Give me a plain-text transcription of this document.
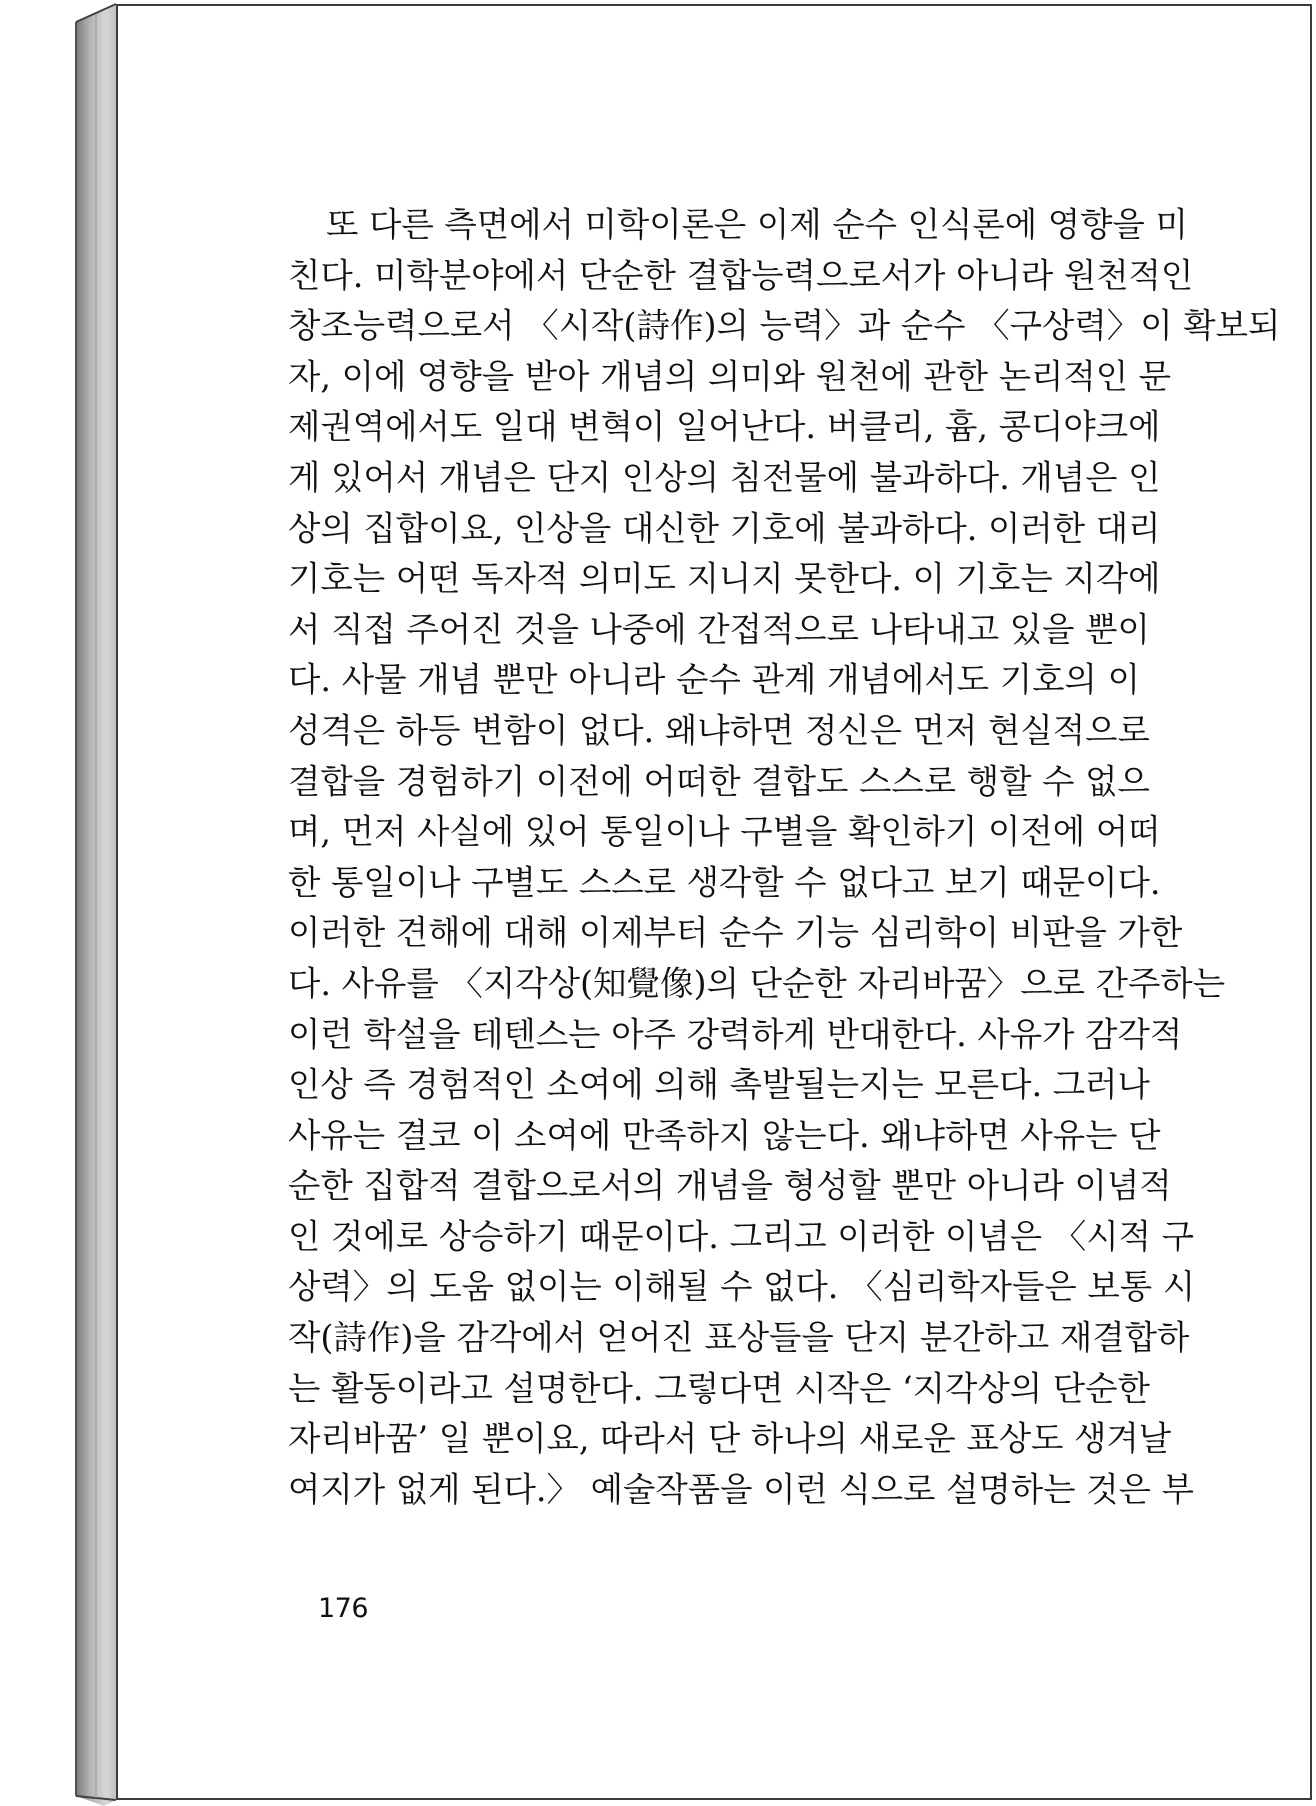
또 다른 측면에서 미학이론은 이제 순수 인식론에 영향을 미
친다. 미학분야에서 단순한 결합능력으로서가 아니라 원천적인
창조능력으로서 〈시작(詩作)의 능력〉과 순수 〈구상력〉이 확보되
자, 이에 영향을 받아 개념의 의미와 원천에 관한 논리적인 문
제권역에서도 일대 변혁이 일어난다. 버클리, 흄, 콩디야크에
게 있어서 개념은 단지 인상의 침전물에 불과하다. 개념은 인
상의 집합이요, 인상을 대신한 기호에 불과하다. 이러한 대리
기호는 어떤 독자적 의미도 지니지 못한다. 이 기호는 지각에
서 직접 주어진 것을 나중에 간접적으로 나타내고 있을 뿐이
다. 사물 개념 뿐만 아니라 순수 관계 개념에서도 기호의 이
성격은 하등 변함이 없다. 왜냐하면 정신은 먼저 현실적으로
결합을 경험하기 이전에 어떠한 결합도 스스로 행할 수 없으
며, 먼저 사실에 있어 통일이나 구별을 확인하기 이전에 어떠
한 통일이나 구별도 스스로 생각할 수 없다고 보기 때문이다.
이러한 견해에 대해 이제부터 순수 기능 심리학이 비판을 가한
다. 사유를 〈지각상(知覺像)의 단순한 자리바꿈〉으로 간주하는
이런 학설을 테텐스는 아주 강력하게 반대한다. 사유가 감각적
인상 즉 경험적인 소여에 의해 촉발될는지는 모른다. 그러나
사유는 결코 이 소여에 만족하지 않는다. 왜냐하면 사유는 단
순한 집합적 결합으로서의 개념을 형성할 뿐만 아니라 이념적
인 것에로 상승하기 때문이다. 그리고 이러한 이념은 〈시적 구
상력〉의 도움 없이는 이해될 수 없다. 〈심리학자들은 보통 시
작(詩作)을 감각에서 얻어진 표상들을 단지 분간하고 재결합하
는 활동이라고 설명한다. 그렇다면 시작은 ‘지각상의 단순한
자리바꿈’ 일 뿐이요, 따라서 단 하나의 새로운 표상도 생겨날
여지가 없게 된다.〉 예술작품을 이런 식으로 설명하는 것은 부
176
